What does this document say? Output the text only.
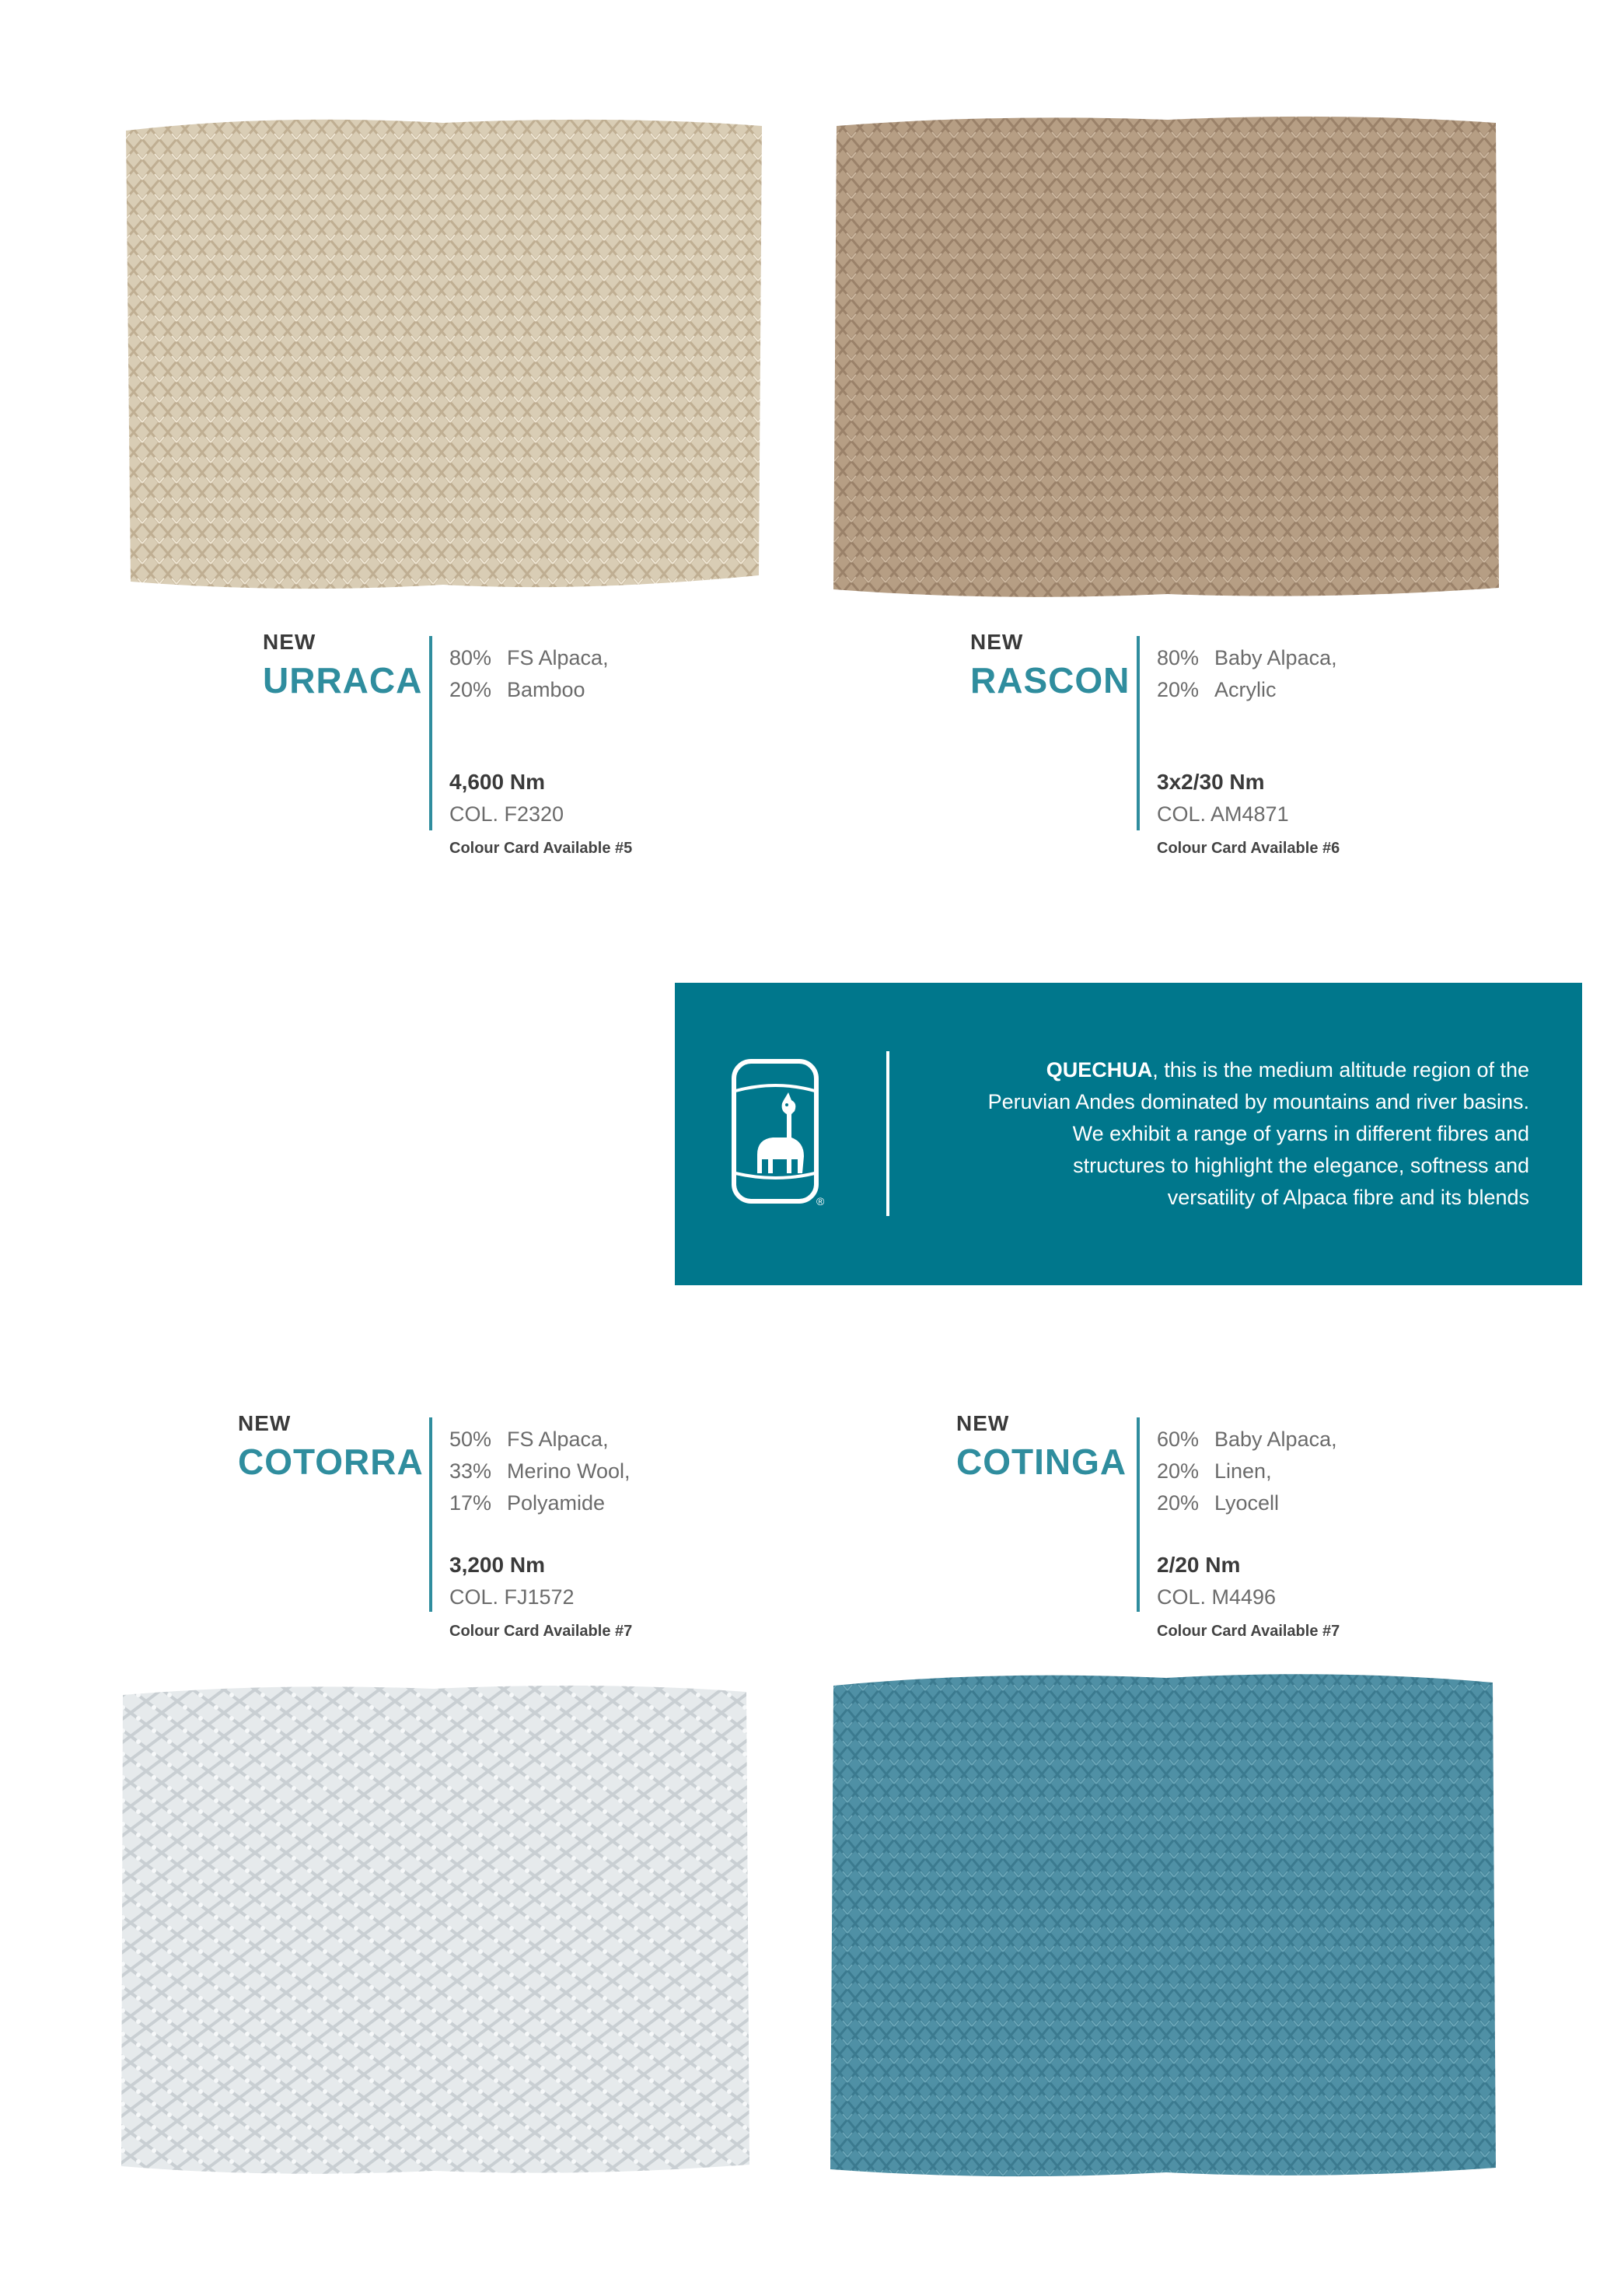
NEW
URRACA
80% FS Alpaca,
20% Bamboo
4,600 Nm
COL. F2320
Colour Card Available #5
NEW
RASCON
80% Baby Alpaca,
20% Acrylic
3x2/30 Nm
COL. AM4871
Colour Card Available #6
®
QUECHUA, this is the medium altitude region of the Peruvian Andes dominated by mountains and river basins. We exhibit a range of yarns in different fibres and structures to highlight the elegance, softness and versatility of Alpaca fibre and its blends
NEW
COTORRA
50% FS Alpaca,
33% Merino Wool,
17% Polyamide
3,200 Nm
COL. FJ1572
Colour Card Available #7
NEW
COTINGA
60% Baby Alpaca,
20% Linen,
20% Lyocell
2/20 Nm
COL. M4496
Colour Card Available #7
